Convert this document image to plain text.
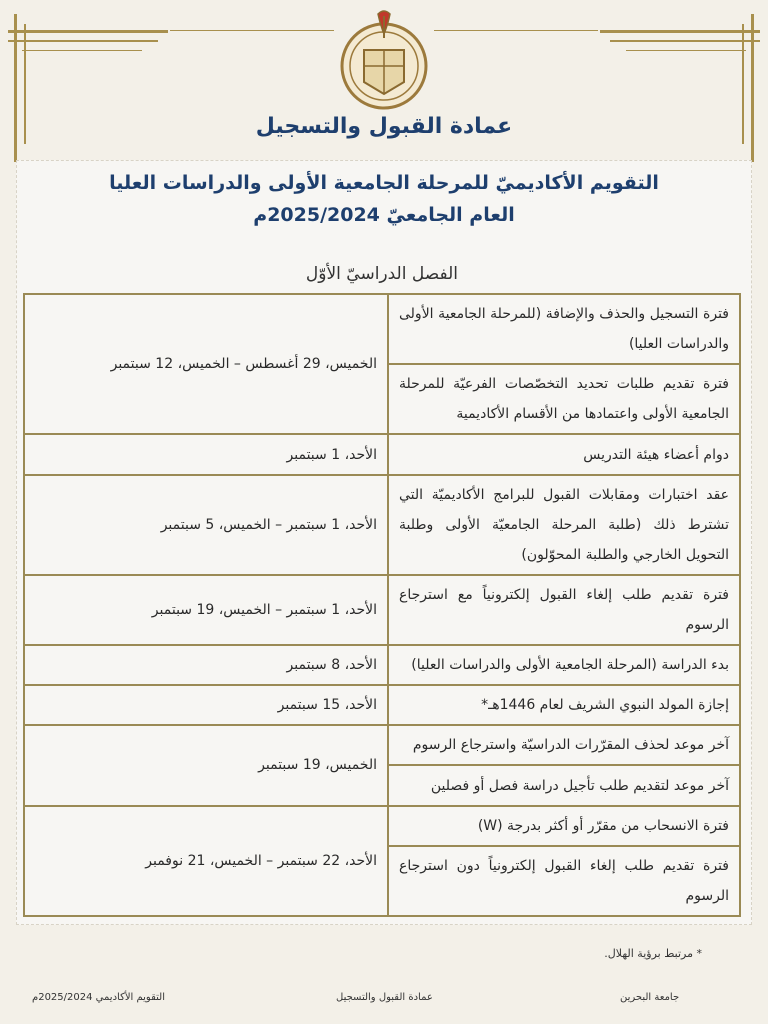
عمادة القبول والتسجيل
التقويم الأكاديميّ للمرحلة الجامعية الأولى والدراسات العليا
العام الجامعيّ 2025/2024م
الفصل الدراسيّ الأوّل
فترة التسجيل والحذف والإضافة (للمرحلة الجامعية الأولى والدراسات العليا)	الخميس، 29 أغسطس – الخميس، 12 سبتمبر
فترة تقديم طلبات تحديد التخصّصات الفرعيّة للمرحلة الجامعية الأولى واعتمادها من الأقسام الأكاديمية	
دوام أعضاء هيئة التدريس	الأحد، 1 سبتمبر
عقد اختبارات ومقابلات القبول للبرامج الأكاديميّة التي تشترط ذلك (طلبة المرحلة الجامعيّة الأولى وطلبة التحويل الخارجي والطلبة المحوّلون)	الأحد، 1 سبتمبر – الخميس، 5 سبتمبر
فترة تقديم طلب إلغاء القبول إلكترونياً مع استرجاع الرسوم	الأحد، 1 سبتمبر – الخميس، 19 سبتمبر
بدء الدراسة (المرحلة الجامعية الأولى والدراسات العليا)	الأحد، 8 سبتمبر
إجازة المولد النبوي الشريف لعام 1446هـ*	الأحد، 15 سبتمبر
آخر موعد لحذف المقرّرات الدراسيّة واسترجاع الرسوم	الخميس، 19 سبتمبر
آخر موعد لتقديم طلب تأجيل دراسة فصل أو فصلين	
فترة الانسحاب من مقرّر أو أكثر بدرجة (W)	الأحد، 22 سبتمبر – الخميس، 21 نوفمبر
فترة تقديم طلب إلغاء القبول إلكترونياً دون استرجاع الرسوم	
* مرتبط برؤية الهلال.
جامعة البحرين
عمادة القبول والتسجيل
التقويم الأكاديمي 2025/2024م
